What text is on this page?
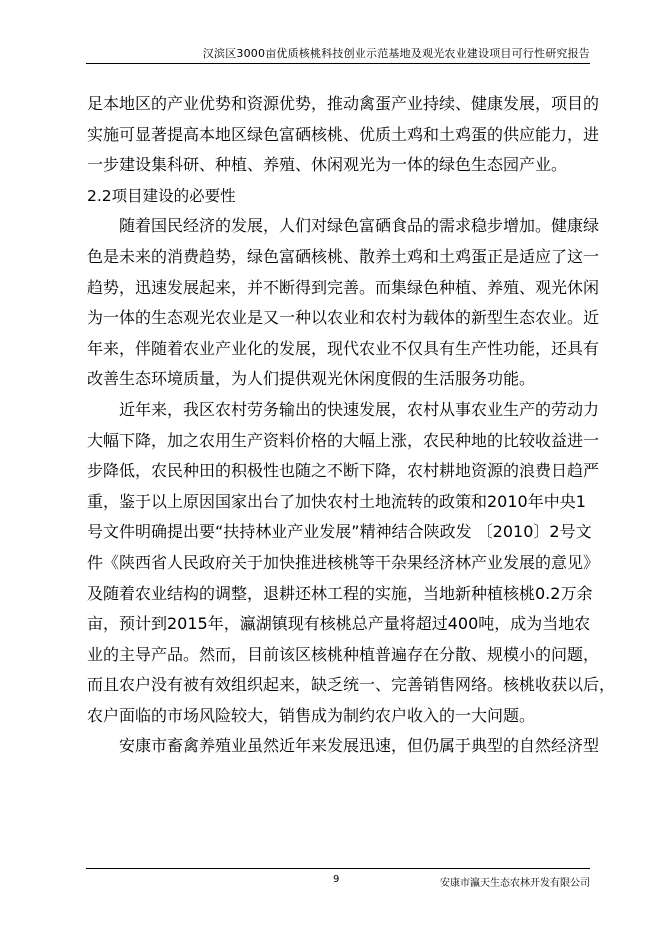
汉滨区3000亩优质核桃科技创业示范基地及观光农业建设项目可行性研究报告
足本地区的产业优势和资源优势，推动禽蛋产业持续、健康发展，项目的
实施可显著提高本地区绿色富硒核桃、优质土鸡和土鸡蛋的供应能力，进
一步建设集科研、种植、养殖、休闲观光为一体的绿色生态园产业。
2.2项目建设的必要性
随着国民经济的发展，人们对绿色富硒食品的需求稳步增加。健康绿
色是未来的消费趋势，绿色富硒核桃、散养土鸡和土鸡蛋正是适应了这一
趋势，迅速发展起来，并不断得到完善。而集绿色种植、养殖、观光休闲
为一体的生态观光农业是又一种以农业和农村为载体的新型生态农业。近
年来，伴随着农业产业化的发展，现代农业不仅具有生产性功能，还具有
改善生态环境质量，为人们提供观光休闲度假的生活服务功能。
近年来，我区农村劳务输出的快速发展，农村从事农业生产的劳动力
大幅下降，加之农用生产资料价格的大幅上涨，农民种地的比较收益进一
步降低，农民种田的积极性也随之不断下降，农村耕地资源的浪费日趋严
重，鉴于以上原因国家出台了加快农村土地流转的政策和2010年中央1
号文件明确提出要“扶持林业产业发展”精神结合陕政发 〔2010〕2号文
件《陕西省人民政府关于加快推进核桃等干杂果经济林产业发展的意见》
及随着农业结构的调整，退耕还林工程的实施，当地新种植核桃0.2万余
亩，预计到2015年，瀛湖镇现有核桃总产量将超过400吨，成为当地农
业的主导产品。然而，目前该区核桃种植普遍存在分散、规模小的问题，
而且农户没有被有效组织起来，缺乏统一、完善销售网络。核桃收获以后，
农户面临的市场风险较大，销售成为制约农户收入的一大问题。
安康市畜禽养殖业虽然近年来发展迅速，但仍属于典型的自然经济型
9	安康市瀛天生态农林开发有限公司
